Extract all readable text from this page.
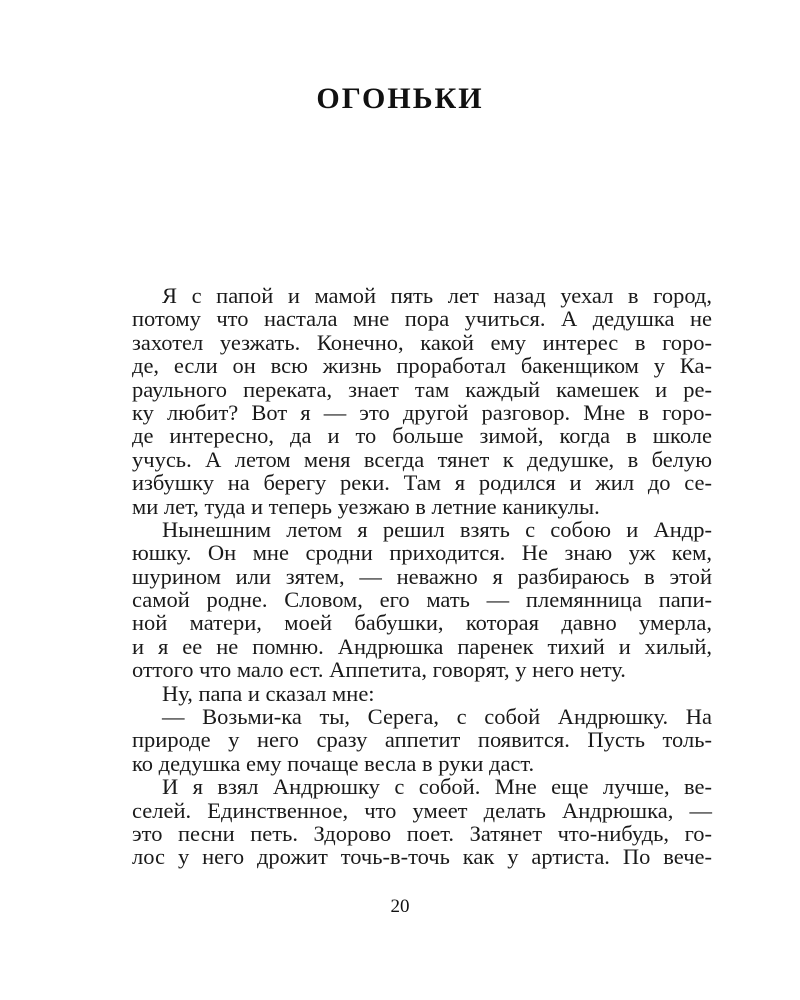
ОГОНЬКИ
Я с папой и мамой пять лет назад уехал в город,
потому что настала мне пора учиться. А дедушка не
захотел уезжать. Конечно, какой ему интерес в горо-
де, если он всю жизнь проработал бакенщиком у Ка-
раульного переката, знает там каждый камешек и ре-
ку любит? Вот я — это другой разговор. Мне в горо-
де интересно, да и то больше зимой, когда в школе
учусь. А летом меня всегда тянет к дедушке, в белую
избушку на берегу реки. Там я родился и жил до се-
ми лет, туда и теперь уезжаю в летние каникулы.
Нынешним летом я решил взять с собою и Андр-
юшку. Он мне сродни приходится. Не знаю уж кем,
шурином или зятем, — неважно я разбираюсь в этой
самой родне. Словом, его мать — племянница папи-
ной матери, моей бабушки, которая давно умерла,
и я ее не помню. Андрюшка паренек тихий и хилый,
оттого что мало ест. Аппетита, говорят, у него нету.
Ну, папа и сказал мне:
— Возьми-ка ты, Серега, с собой Андрюшку. На
природе у него сразу аппетит появится. Пусть толь-
ко дедушка ему почаще весла в руки даст.
И я взял Андрюшку с собой. Мне еще лучше, ве-
селей. Единственное, что умеет делать Андрюшка, —
это песни петь. Здорово поет. Затянет что-нибудь, го-
лос у него дрожит точь-в-точь как у артиста. По вече-
20
